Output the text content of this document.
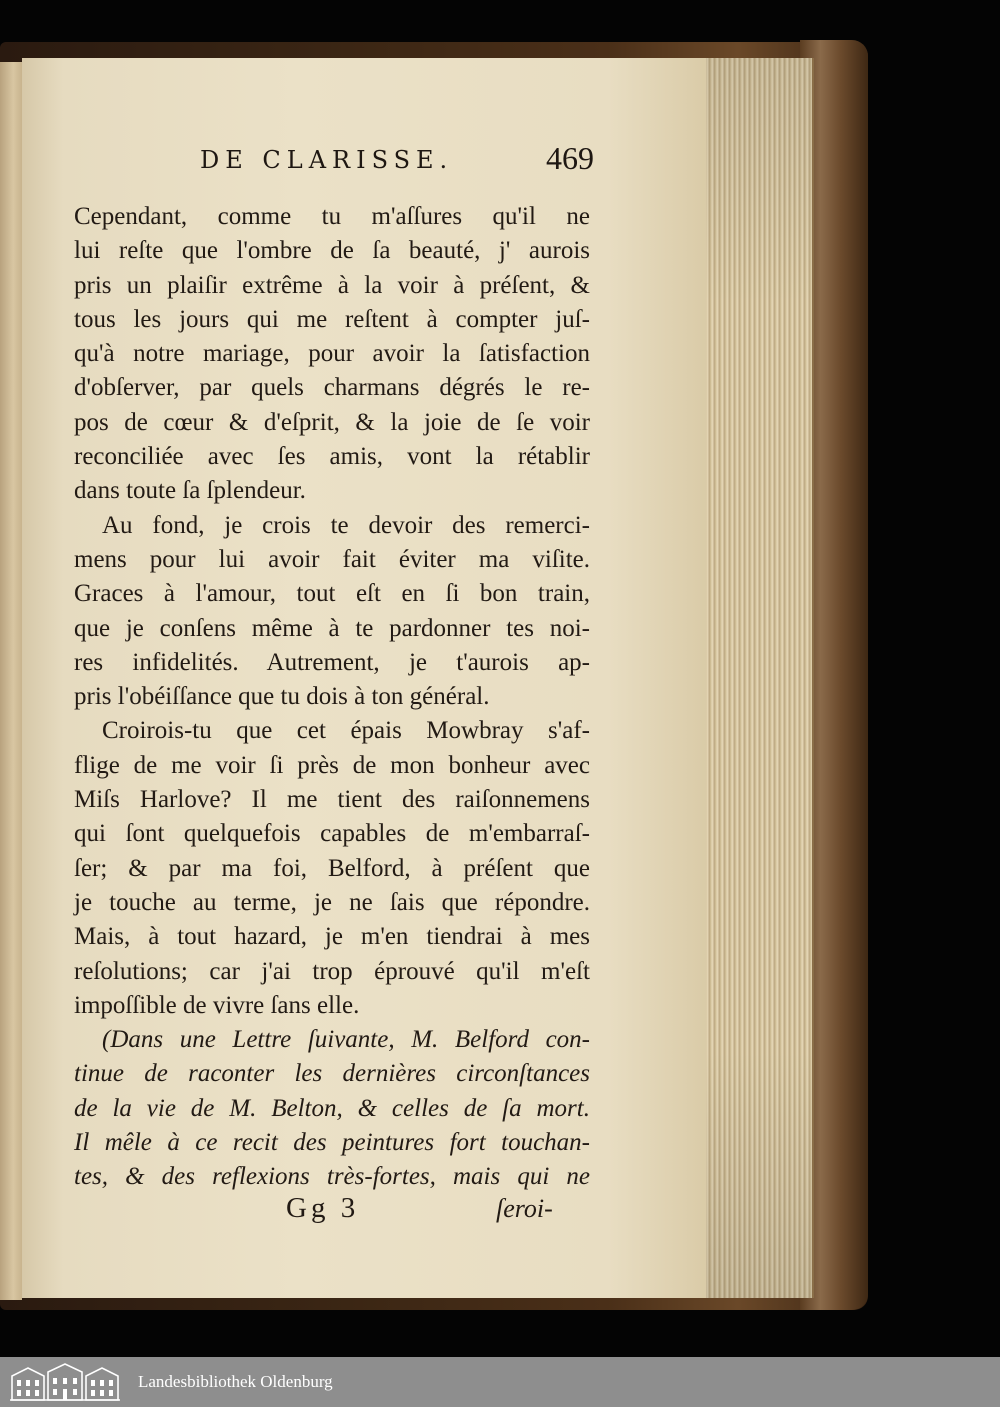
DE CLARISSE.	469
Cependant, comme tu m'aſſures qu'il ne
lui reſte que l'ombre de ſa beauté, j' aurois
pris un plaiſir extrême à la voir à préſent, &
tous les jours qui me reſtent à compter juſ-
qu'à notre mariage, pour avoir la ſatisfaction
d'obſerver, par quels charmans dégrés le re-
pos de cœur & d'eſprit, & la joie de ſe voir
reconciliée avec ſes amis, vont la rétablir
dans toute ſa ſplendeur.
Au fond, je crois te devoir des remerci-
mens pour lui avoir fait éviter ma viſite.
Graces à l'amour, tout eſt en ſi bon train,
que je conſens même à te pardonner tes noi-
res infidelités. Autrement, je t'aurois ap-
pris l'obéiſſance que tu dois à ton général.
Croirois-tu que cet épais Mowbray s'af-
flige de me voir ſi près de mon bonheur avec
Miſs Harlove? Il me tient des raiſonnemens
qui ſont quelquefois capables de m'embarraſ-
ſer; & par ma foi, Belford, à préſent que
je touche au terme, je ne ſais que répondre.
Mais, à tout hazard, je m'en tiendrai à mes
reſolutions; car j'ai trop éprouvé qu'il m'eſt
impoſſible de vivre ſans elle.
(Dans une Lettre ſuivante, M. Belford con-
tinue de raconter les dernières circonſtances
de la vie de M. Belton, & celles de ſa mort.
Il mêle à ce recit des peintures fort touchan-
tes, & des reflexions très-fortes, mais qui ne
Gg 3	ſeroi-
Landesbibliothek Oldenburg
